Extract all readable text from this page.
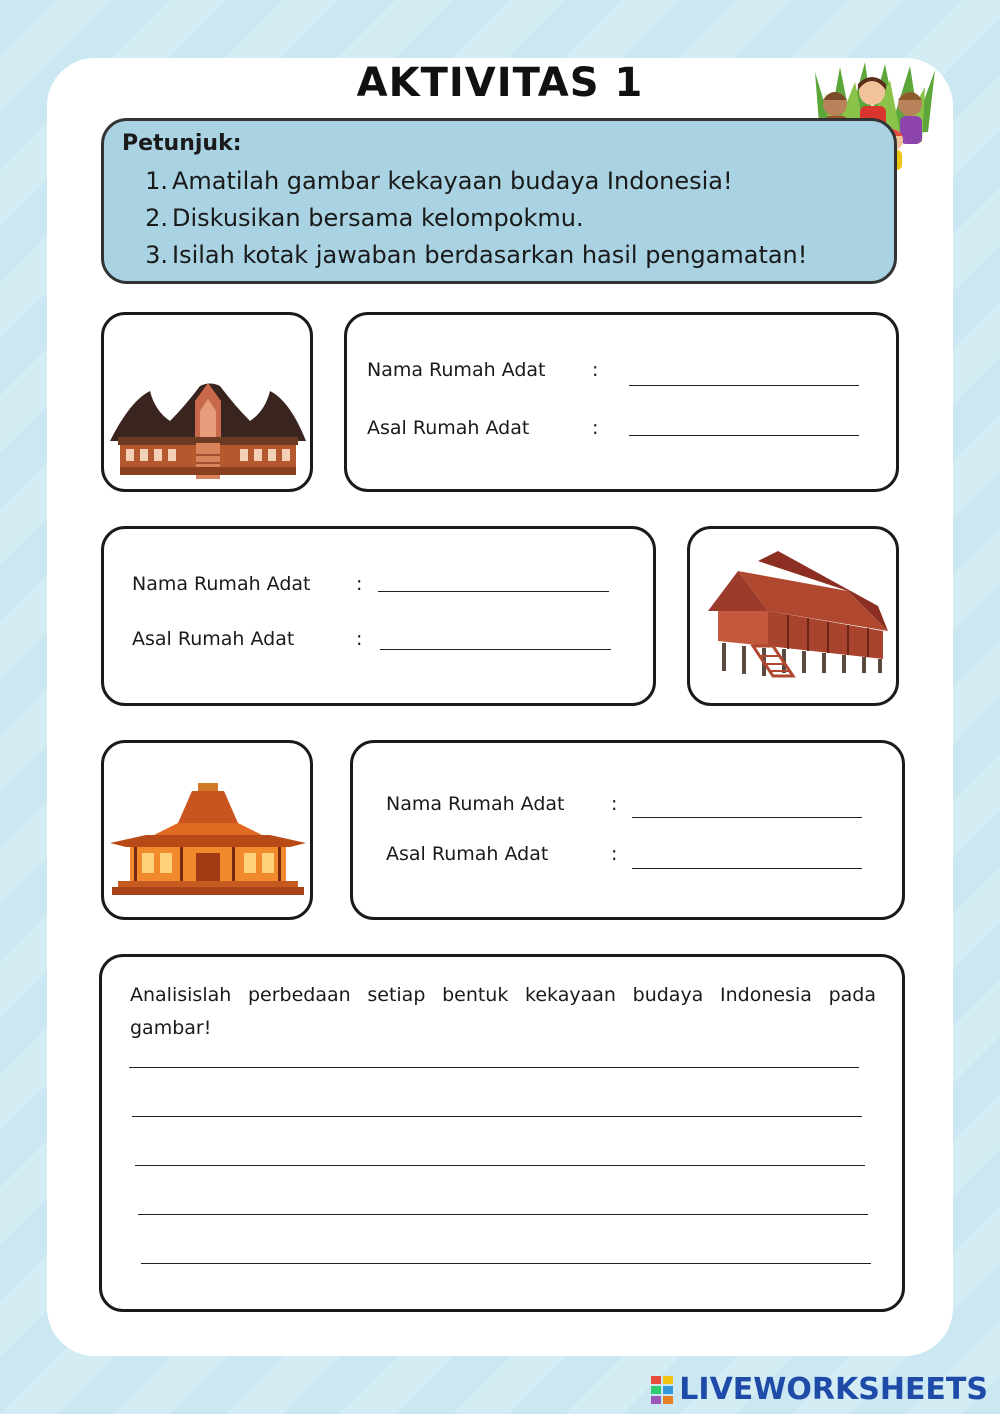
AKTIVITAS 1
Petunjuk:
1. Amatilah gambar kekayaan budaya Indonesia!
2. Diskusikan bersama kelompokmu.
3. Isilah kotak jawaban berdasarkan hasil pengamatan!
Nama Rumah Adat :
Asal Rumah Adat	:
Nama Rumah Adat :
Asal Rumah Adat	:
Nama Rumah Adat :
Asal Rumah Adat	:
Analisislah perbedaan setiap bentuk kekayaan budaya Indonesia pada gambar!
LIVEWORKSHEETS
